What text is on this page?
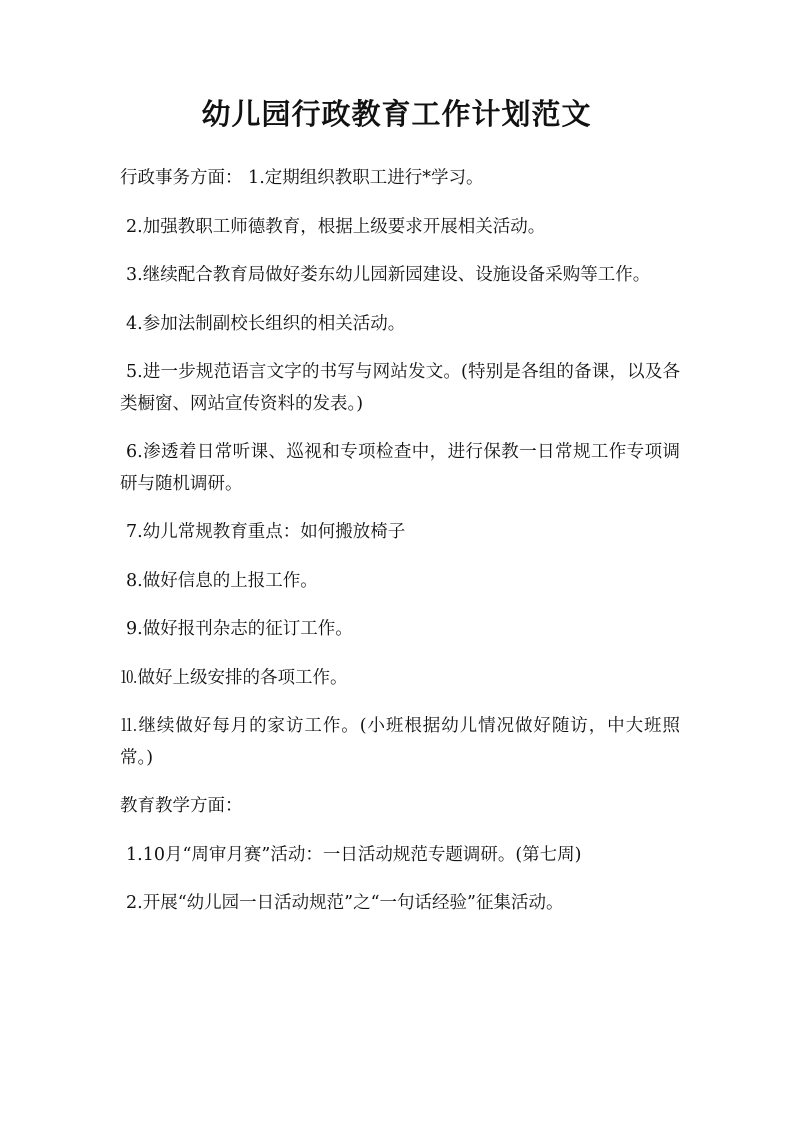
幼儿园行政教育工作计划范文

行政事务方面： 1.定期组织教职工进行*学习。

2.加强教职工师德教育，根据上级要求开展相关活动。

3.继续配合教育局做好娄东幼儿园新园建设、设施设备采购等工作。

4.参加法制副校长组织的相关活动。

5.进一步规范语言文字的书写与网站发文。(特别是各组的备课，以及各类橱窗、网站宣传资料的发表。)

6.渗透着日常听课、巡视和专项检查中，进行保教一日常规工作专项调研与随机调研。

7.幼儿常规教育重点：如何搬放椅子

8.做好信息的上报工作。

9.做好报刊杂志的征订工作。

⒑做好上级安排的各项工作。

⒒继续做好每月的家访工作。(小班根据幼儿情况做好随访，中大班照常。)

教育教学方面：

1.10月“周审月赛”活动：一日活动规范专题调研。(第七周)

2.开展“幼儿园一日活动规范”之“一句话经验”征集活动。
